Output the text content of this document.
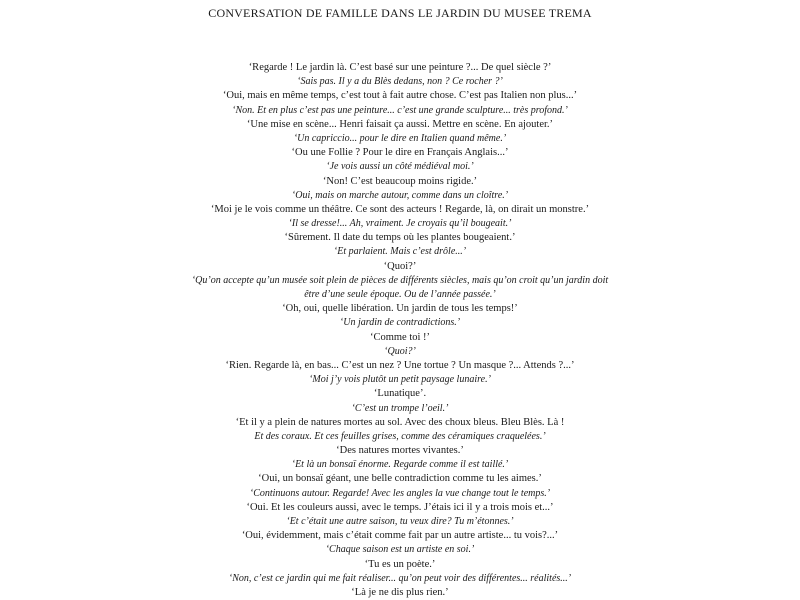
CONVERSATION DE FAMILLE DANS LE JARDIN DU MUSEE TREMA
‘Regarde ! Le jardin là. C’est basé sur une peinture ?... De quel siècle ?’
‘Sais pas. Il y a du Blès dedans, non ? Ce rocher ?’
‘Oui, mais en même temps, c’est tout à fait autre chose. C’est pas Italien non plus...’
‘Non. Et en plus c’est pas une peinture... c’est une grande sculpture... très profond.’
‘Une mise en scène... Henri faisait ça aussi. Mettre en scène. En ajouter.’
‘Un capriccio... pour le dire en Italien quand même.’
‘Ou une Follie ? Pour le dire en Français Anglais...’
‘Je vois aussi un côté médiéval moi.’
‘Non! C’est beaucoup moins rigide.’
‘Oui, mais on marche autour, comme dans un cloître.’
‘Moi je le vois comme un théâtre. Ce sont des acteurs ! Regarde, là, on dirait un monstre.’
‘Il se dresse!... Ah, vraiment. Je croyais qu’il bougeait.’
‘Sûrement. Il date du temps où les plantes bougeaient.’
‘Et parlaient. Mais c’est drôle...’
‘Quoi?’
‘Qu’on accepte qu’un musée soit plein de pièces de différents siècles, mais qu’on croit qu’un jardin doit être d’une seule époque. Ou de l’année passée.’
‘Oh, oui, quelle libération. Un jardin de tous les temps!’
‘Un jardin de contradictions.’
‘Comme toi !’
‘Quoi?’
‘Rien. Regarde là, en bas... C’est un nez ? Une tortue ? Un masque ?... Attends ?...’
‘Moi j’y vois plutôt un petit paysage lunaire.’
‘Lunatique’.
‘C’est un trompe l’oeil.’
‘Et il y a plein de natures mortes au sol. Avec des choux bleus. Bleu Blès. Là !
Et des coraux. Et ces feuilles grises, comme des céramiques craquelées.’
‘Des natures mortes vivantes.’
‘Et là un bonsaï énorme. Regarde comme il est taillé.’
‘Oui, un bonsaï géant, une belle contradiction comme tu les aimes.’
‘Continuons autour. Regarde! Avec les angles la vue change tout le temps.’
‘Oui. Et les couleurs aussi, avec le temps. J’étais ici il y a trois mois et...’
‘Et c’était une autre saison, tu veux dire? Tu m’étonnes.’
‘Oui, évidemment, mais c’était comme fait par un autre artiste... tu vois?...’
‘Chaque saison est un artiste en soi.’
‘Tu es un poète.’
‘Non, c’est ce jardin qui me fait réaliser... qu’on peut voir des différentes... réalités...’
‘Là je ne dis plus rien.’
